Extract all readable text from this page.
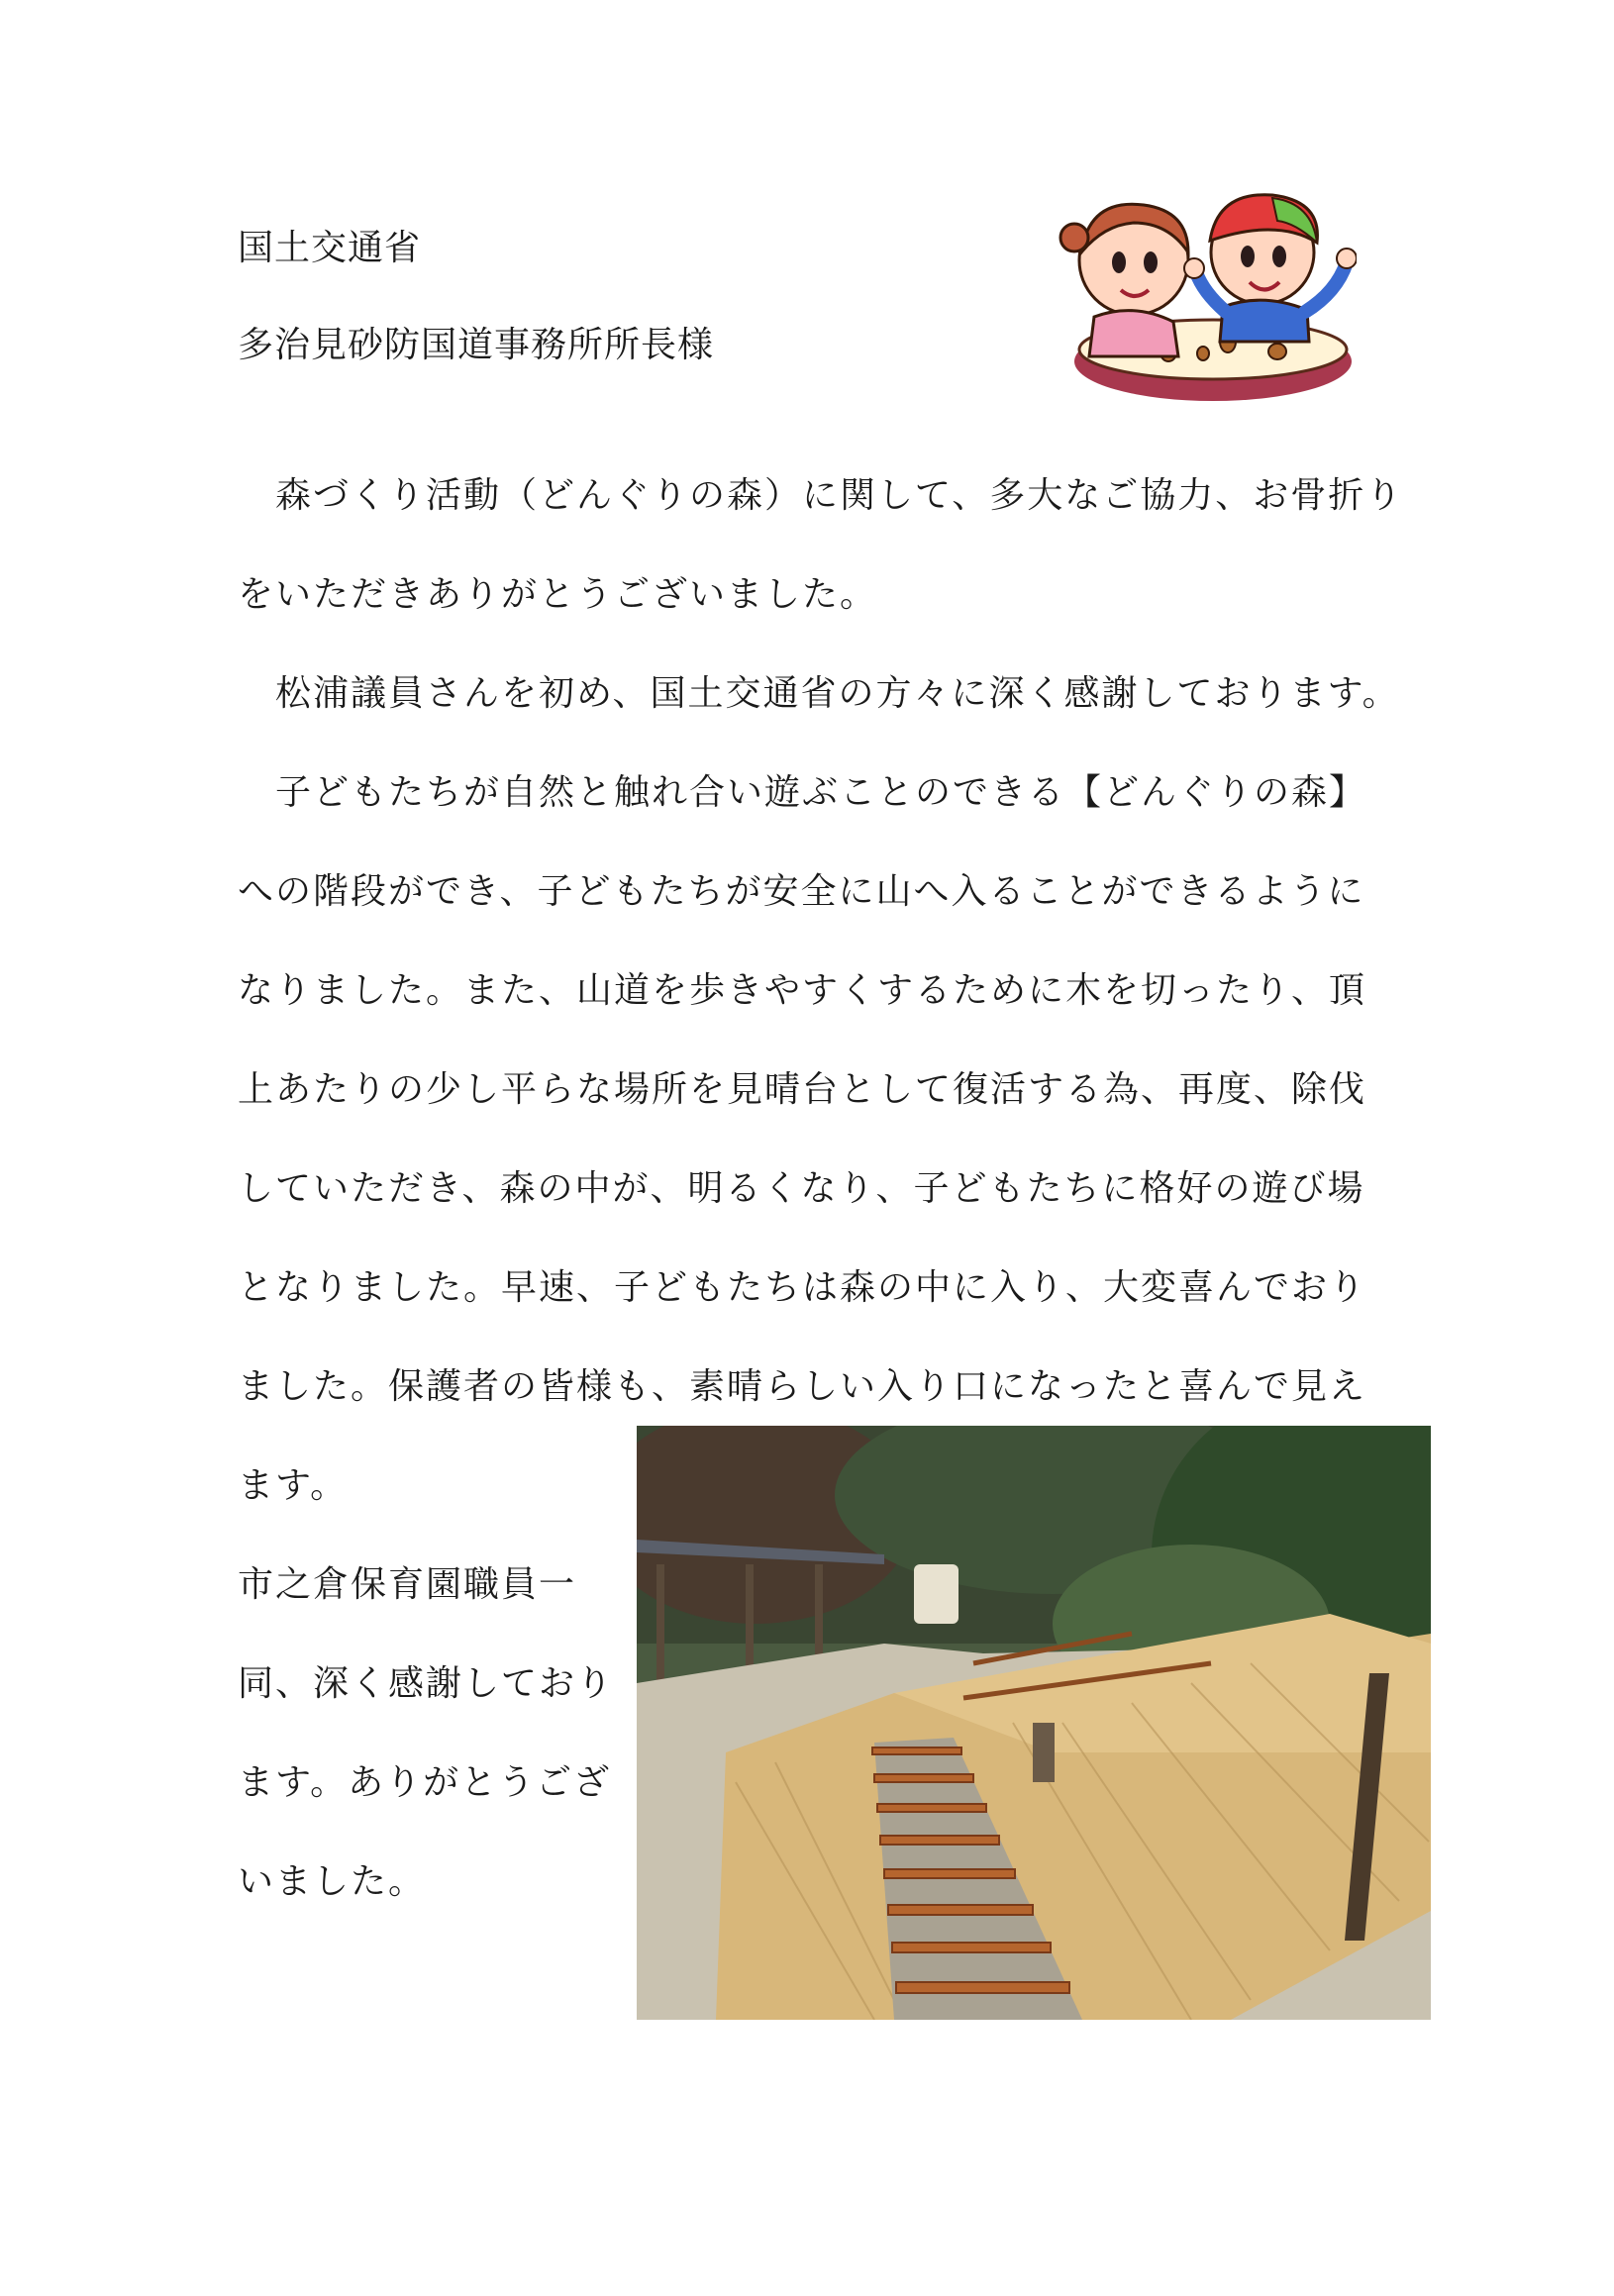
国土交通省
多治見砂防国道事務所所長様
　森づくり活動（どんぐりの森）に関して、多大なご協力、お骨折り
をいただきありがとうございました。
　松浦議員さんを初め、国土交通省の方々に深く感謝しております。
　子どもたちが自然と触れ合い遊ぶことのできる【どんぐりの森】
への階段ができ、子どもたちが安全に山へ入ることができるように
なりました。また、山道を歩きやすくするために木を切ったり、頂
上あたりの少し平らな場所を見晴台として復活する為、再度、除伐
していただき、森の中が、明るくなり、子どもたちに格好の遊び場
となりました。早速、子どもたちは森の中に入り、大変喜んでおり
ました。保護者の皆様も、素晴らしい入り口になったと喜んで見え
ます。
市之倉保育園職員一
同、深く感謝しており
ます。ありがとうござ
いました。
